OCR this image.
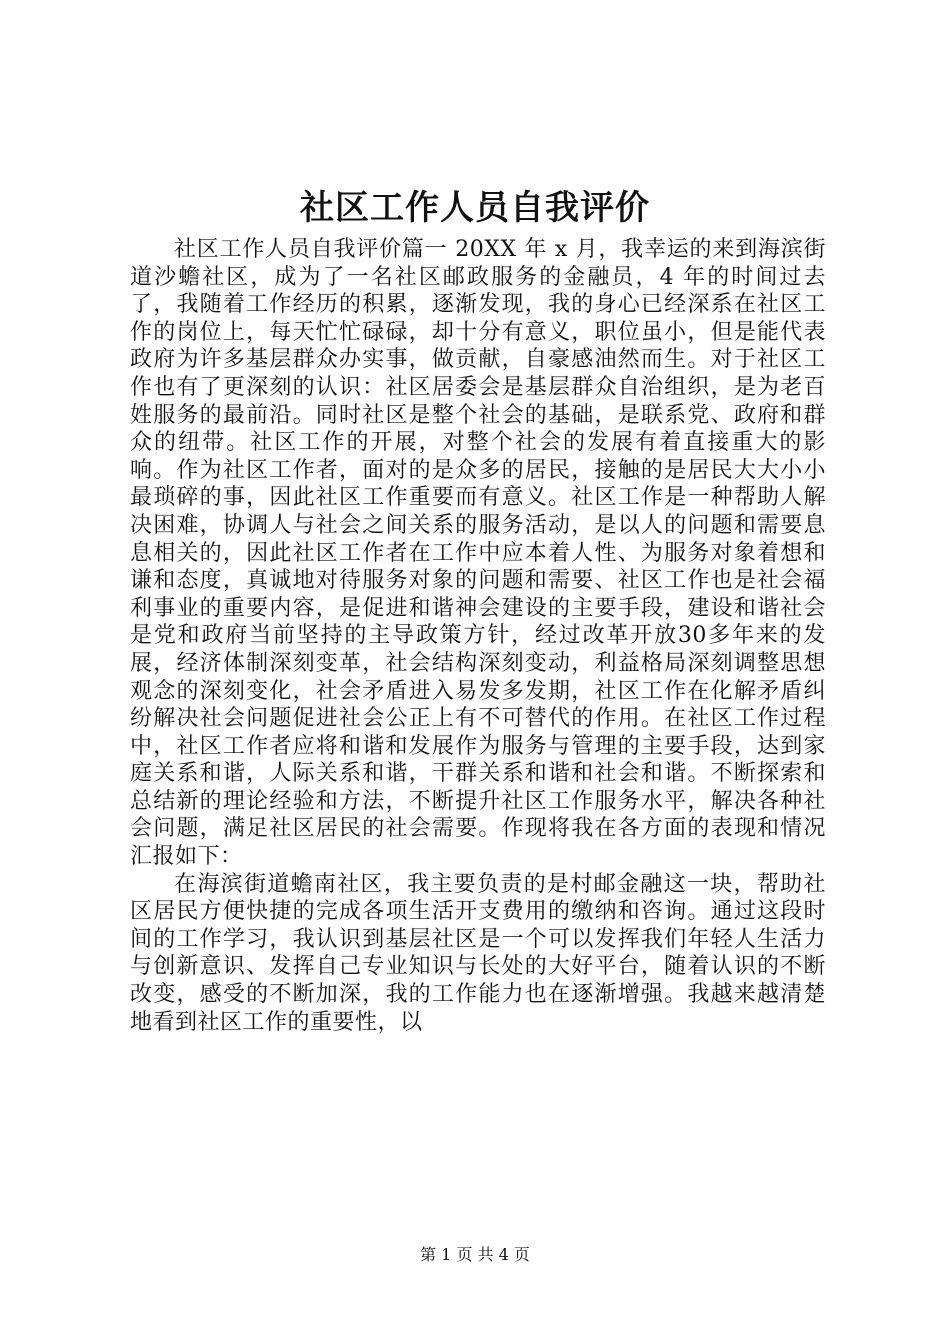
社区工作人员自我评价

社区工作人员自我评价篇一 20XX 年 x 月，我幸运的来到海滨街道沙蟾社区，成为了一名社区邮政服务的金融员，4 年的时间过去了，我随着工作经历的积累，逐渐发现，我的身心已经深系在社区工作的岗位上，每天忙忙碌碌，却十分有意义，职位虽小，但是能代表政府为许多基层群众办实事，做贡献，自豪感油然而生。对于社区工作也有了更深刻的认识：社区居委会是基层群众自治组织，是为老百姓服务的最前沿。同时社区是整个社会的基础，是联系党、政府和群众的纽带。社区工作的开展，对整个社会的发展有着直接重大的影响。作为社区工作者，面对的是众多的居民，接触的是居民大大小小最琐碎的事，因此社区工作重要而有意义。社区工作是一种帮助人解决困难，协调人与社会之间关系的服务活动，是以人的问题和需要息息相关的，因此社区工作者在工作中应本着人性、为服务对象着想和谦和态度，真诚地对待服务对象的问题和需要、社区工作也是社会福利事业的重要内容，是促进和谐神会建设的主要手段，建设和谐社会是党和政府当前坚持的主导政策方针，经过改革开放30多年来的发展，经济体制深刻变革，社会结构深刻变动，利益格局深刻调整思想观念的深刻变化，社会矛盾进入易发多发期，社区工作在化解矛盾纠纷解决社会问题促进社会公正上有不可替代的作用。在社区工作过程中，社区工作者应将和谐和发展作为服务与管理的主要手段，达到家庭关系和谐，人际关系和谐，干群关系和谐和社会和谐。不断探索和总结新的理论经验和方法，不断提升社区工作服务水平，解决各种社会问题，满足社区居民的社会需要。作现将我在各方面的表现和情况汇报如下：

在海滨街道蟾南社区，我主要负责的是村邮金融这一块，帮助社区居民方便快捷的完成各项生活开支费用的缴纳和咨询。通过这段时间的工作学习，我认识到基层社区是一个可以发挥我们年轻人生活力与创新意识、发挥自己专业知识与长处的大好平台，随着认识的不断改变，感受的不断加深，我的工作能力也在逐渐增强。我越来越清楚地看到社区工作的重要性，以

第 1 页 共 4 页
